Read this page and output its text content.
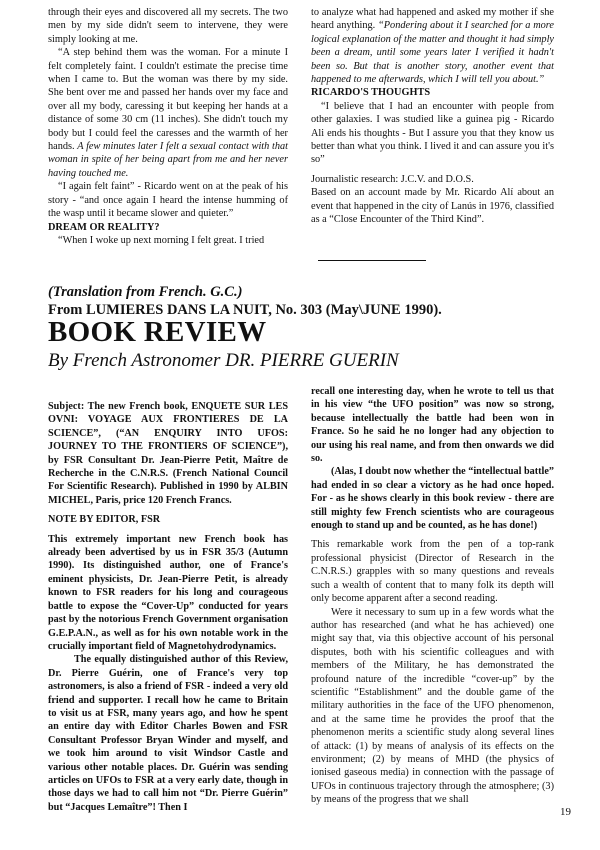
through their eyes and discovered all my secrets. The two men by my side didn't seem to intervene, they were simply looking at me.

“A step behind them was the woman. For a minute I felt completely faint. I couldn't estimate the precise time when I came to. But the woman was there by my side. She bent over me and passed her hands over my face and over all my body, caressing it but keeping her hands at a distance of some 30 cm (11 inches). She didn't touch my body but I could feel the caresses and the warmth of her hands. A few minutes later I felt a sexual contact with that woman in spite of her being apart from me and her never having touched me.

“I again felt faint” - Ricardo went on at the peak of his story - “and once again I heard the intense humming of the wasp until it became slower and quieter.”

DREAM OR REALITY?

“When I woke up next morning I felt great. I tried

to analyze what had happened and asked my mother if she heard anything. “Pondering about it I searched for a more logical explanation of the matter and thought it had simply been a dream, until some years later I verified it hadn't been so. But that is another story, another event that happened to me afterwards, which I will tell you about.”

RICARDO'S THOUGHTS

“I believe that I had an encounter with people from other galaxies. I was studied like a guinea pig - Ricardo Ali ends his thoughts - But I assure you that they know us better than what you think. I lived it and can assure you it's so”

Journalistic research: J.C.V. and D.O.S.

Based on an account made by Mr. Ricardo Alí about an event that happened in the city of Lanús in 1976, classified as a “Close Encounter of the Third Kind”.

(Translation from French. G.C.)
From LUMIERES DANS LA NUIT, No. 303 (May\JUNE 1990).
BOOK REVIEW
By French Astronomer DR. PIERRE GUERIN

Subject: The new French book, ENQUETE SUR LES OVNI: VOYAGE AUX FRONTIERES DE LA SCIENCE”, (“AN ENQUIRY INTO UFOS: JOURNEY TO THE FRONTIERS OF SCIENCE”), by FSR Consultant Dr. Jean-Pierre Petit, Maître de Recherche in the C.N.R.S. (French National Council For Scientific Research). Published in 1990 by ALBIN MICHEL, Paris, price 120 French Francs.

NOTE BY EDITOR, FSR

This extremely important new French book has already been advertised by us in FSR 35/3 (Autumn 1990). Its distinguished author, one of France's eminent physicists, Dr. Jean-Pierre Petit, is already known to FSR readers for his long and courageous battle to expose the “Cover-Up” conducted for years past by the notorious French Government organisation G.E.P.A.N., as well as for his own notable work in the crucially important field of Magnetohydrodynamics.

The equally distinguished author of this Review, Dr. Pierre Guérin, one of France's very top astronomers, is also a friend of FSR - indeed a very old friend and supporter. I recall how he came to Britain to visit us at FSR, many years ago, and how he spent an entire day with Editor Charles Bowen and FSR Consultant Professor Bryan Winder and myself, and we took him around to visit Windsor Castle and various other notable places. Dr. Guérin was sending articles on UFOs to FSR at a very early date, though in those days we had to call him not “Dr. Pierre Guérin” but “Jacques Lemaître”! Then I

recall one interesting day, when he wrote to tell us that in his view “the UFO position” was now so strong, because intellectually the battle had been won in France. So he said he no longer had any objection to our using his real name, and from then onwards we did so.

(Alas, I doubt now whether the “intellectual battle” had ended in so clear a victory as he had once hoped. For - as he shows clearly in this book review - there are still mighty few French scientists who are courageous enough to stand up and be counted, as he has done!)

This remarkable work from the pen of a top-rank professional physicist (Director of Research in the C.N.R.S.) grapples with so many questions and reveals such a wealth of content that to many folk its depth will only become apparent after a second reading.

Were it necessary to sum up in a few words what the author has researched (and what he has achieved) one might say that, via this objective account of his personal disputes, both with his scientific colleagues and with members of the Military, he has demonstrated the profound nature of the incredible “cover-up” by the scientific “Establishment” and the double game of the military authorities in the face of the UFO phenomenon, and at the same time he provides the proof that the phenomenon merits a scientific study along several lines of attack: (1) by means of analysis of its effects on the environment; (2) by means of MHD (the physics of ionised gaseous media) in connection with the passage of UFOs in continuous trajectory through the atmosphere; (3) by means of the progress that we shall

19
